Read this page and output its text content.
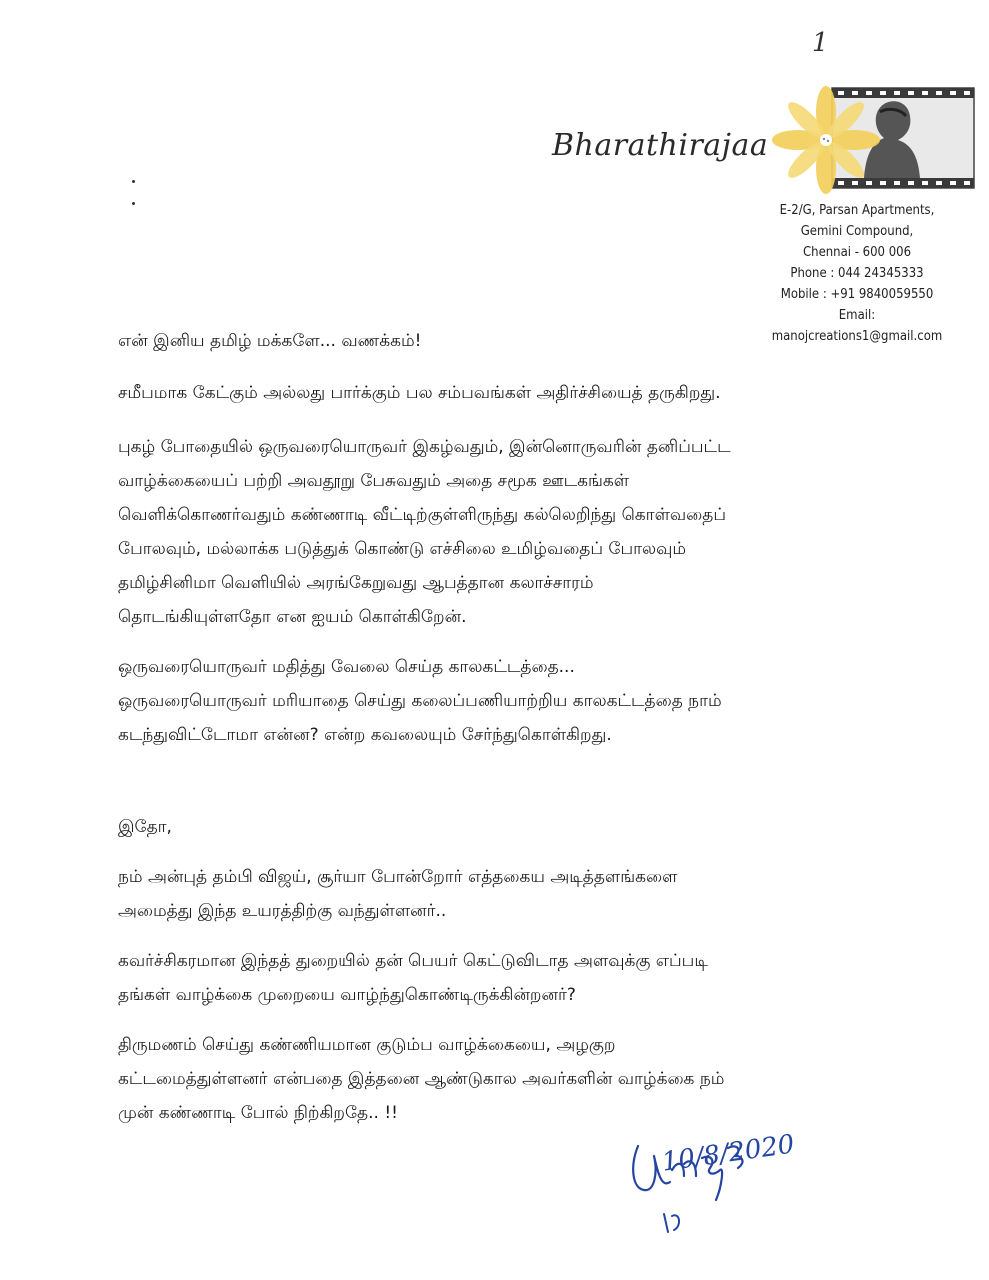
1
Bharathirajaa
E-2/G, Parsan Apartments,
Gemini Compound,
Chennai - 600 006
Phone : 044 24345333
Mobile : +91 9840059550
Email:
manojcreations1@gmail.com

என் இனிய தமிழ் மக்களே... வணக்கம்!

சமீபமாக கேட்கும் அல்லது பார்க்கும் பல சம்பவங்கள் அதிர்ச்சியைத் தருகிறது.

புகழ் போதையில் ஒருவரையொருவர் இகழ்வதும், இன்னொருவரின் தனிப்பட்ட
வாழ்க்கையைப் பற்றி அவதூறு பேசுவதும் அதை சமூக ஊடகங்கள்
வெளிக்கொணர்வதும் கண்ணாடி வீட்டிற்குள்ளிருந்து கல்லெறிந்து கொள்வதைப்
போலவும், மல்லாக்க படுத்துக் கொண்டு எச்சிலை உமிழ்வதைப் போலவும்
தமிழ்சினிமா வெளியில் அரங்கேறுவது ஆபத்தான கலாச்சாரம்
தொடங்கியுள்ளதோ என ஐயம் கொள்கிறேன்.

ஒருவரையொருவர் மதித்து வேலை செய்த காலகட்டத்தை...
ஒருவரையொருவர் மரியாதை செய்து கலைப்பணியாற்றிய காலகட்டத்தை நாம்
கடந்துவிட்டோமா என்ன? என்ற கவலையும் சேர்ந்துகொள்கிறது.

இதோ,

நம் அன்புத் தம்பி விஜய், சூர்யா போன்றோர் எத்தகைய அடித்தளங்களை
அமைத்து இந்த உயரத்திற்கு வந்துள்ளனர்..

கவர்ச்சிகரமான இந்தத் துறையில் தன் பெயர் கெட்டுவிடாத அளவுக்கு எப்படி
தங்கள் வாழ்க்கை முறையை வாழ்ந்துகொண்டிருக்கின்றனர்?

திருமணம் செய்து கண்ணியமான குடும்ப வாழ்க்கையை, அழகுற
கட்டமைத்துள்ளனர் என்பதை இத்தனை ஆண்டுகால அவர்களின் வாழ்க்கை நம்
முன் கண்ணாடி போல் நிற்கிறதே.. !!

10/8/2020
